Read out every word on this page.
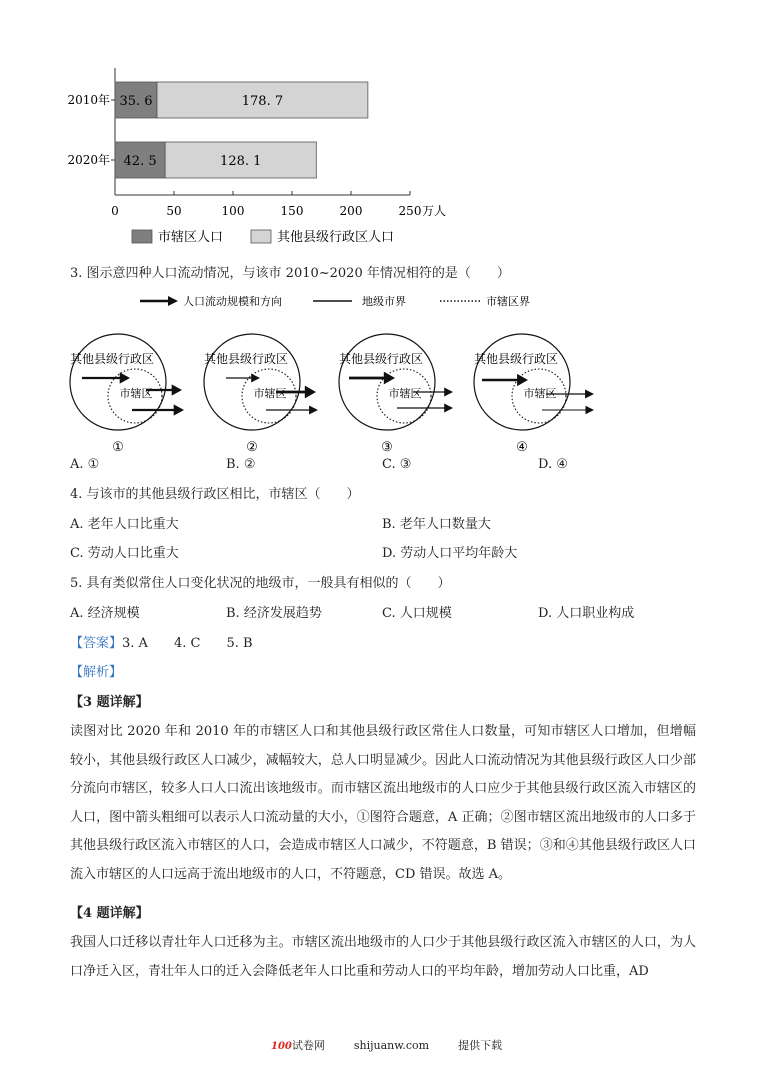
0	50	100	150	200	250 万人
2010年 35. 6	178. 7
2020年 42. 5	128. 1
市辖区人口	其他县级行政区人口
3. 图示意四种人口流动情况，与该市 2010~2020 年情况相符的是（　　）
人口流动规模和方向	地级市界	市辖区界
其他县级行政区
市辖区
①
其他县级行政区
市辖区
②
其他县级行政区
市辖区
③
其他县级行政区
市辖区
④
A. ①	B. ②	C. ③	D. ④
4. 与该市的其他县级行政区相比，市辖区（　　）
A. 老年人口比重大	B. 老年人口数量大
C. 劳动人口比重大	D. 劳动人口平均年龄大
5. 具有类似常住人口变化状况的地级市，一般具有相似的（　　）
A. 经济规模	B. 经济发展趋势	C. 人口规模	D. 人口职业构成
【答案】3. A 4. C 5. B
【解析】
【3 题详解】
读图对比 2020 年和 2010 年的市辖区人口和其他县级行政区常住人口数量，可知市辖区人口增加，但增幅较小，其他县级行政区人口减少，减幅较大，总人口明显减少。因此人口流动情况为其他县级行政区人口少部分流向市辖区，较多人口人口流出该地级市。而市辖区流出地级市的人口应少于其他县级行政区流入市辖区的人口，图中箭头粗细可以表示人口流动量的大小，①图符合题意，A 正确；②图市辖区流出地级市的人口多于其他县级行政区流入市辖区的人口，会造成市辖区人口减少，不符题意，B 错误；③和④其他县级行政区人口流入市辖区的人口远高于流出地级市的人口，不符题意，CD 错误。故选 A。
【4 题详解】
我国人口迁移以青壮年人口迁移为主。市辖区流出地级市的人口少于其他县级行政区流入市辖区的人口，为人口净迁入区，青壮年人口的迁入会降低老年人口比重和劳动人口的平均年龄，增加劳动人口比重，AD
100试卷网	shijuanw.com	提供下载
